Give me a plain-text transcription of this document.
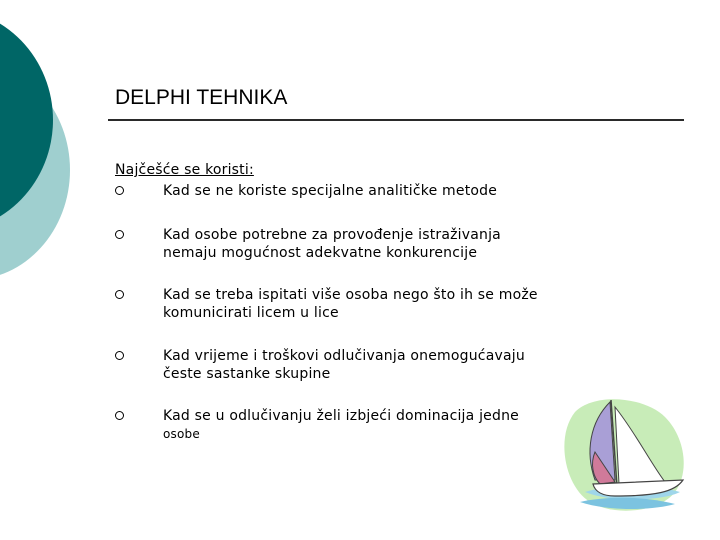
DELPHI TEHNIKA
Najčešće se koristi:
Kad se ne koriste specijalne analitičke metode
Kad osobe potrebne za provođenje istraživanja
nemaju mogućnost adekvatne konkurencije
Kad se treba ispitati više osoba nego što ih se može
komunicirati licem u lice
Kad vrijeme i troškovi odlučivanja onemogućavaju
česte sastanke skupine
Kad se u odlučivanju želi izbjeći dominacija jedne
osobe
